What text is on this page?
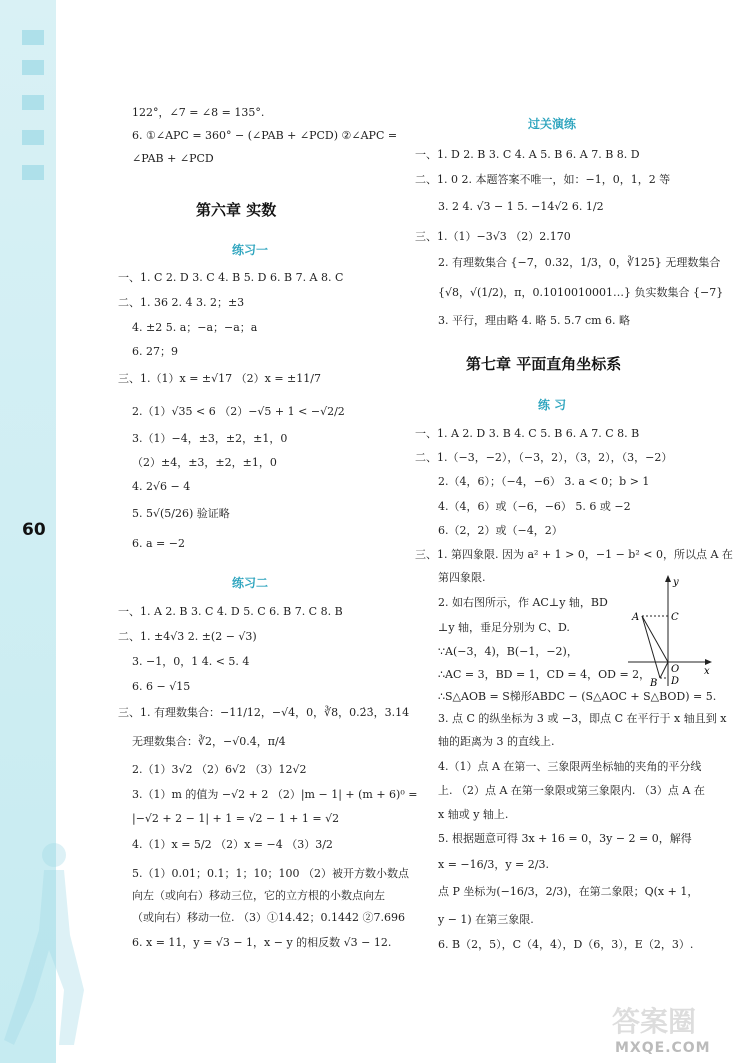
60
122°，∠7 = ∠8 = 135°.
6. ①∠APC = 360° − (∠PAB + ∠PCD) ②∠APC =
∠PAB + ∠PCD
第六章 实数
练习一
一、1. C 2. D 3. C 4. B 5. D 6. B 7. A 8. C
二、1. 36 2. 4 3. 2；±3
4. ±2 5. a；−a；−a；a
6. 27；9
三、1.（1）x = ±√17 （2）x = ±11/7
2.（1）√35 < 6 （2）−√5 + 1 < −√2/2
3.（1）−4，±3，±2，±1，0
（2）±4，±3，±2，±1，0
4. 2√6 − 4
5. 5√(5/26) 验证略
6. a = −2
练习二
一、1. A 2. B 3. C 4. D 5. C 6. B 7. C 8. B
二、1. ±4√3 2. ±(2 − √3)
3. −1，0，1 4. < 5. 4
6. 6 − √15
三、1. 有理数集合：−11/12，−√4，0，∛8，0.2̇3̇，3.14
无理数集合：∛2，−√0.4，π/4
2.（1）3√2 （2）6√2 （3）12√2
3.（1）m 的值为 −√2 + 2 （2）|m − 1| + (m + 6)⁰ =
|−√2 + 2 − 1| + 1 = √2 − 1 + 1 = √2
4.（1）x = 5/2 （2）x = −4 （3）3/2
5.（1）0.01；0.1；1；10；100 （2）被开方数小数点
向左（或向右）移动三位，它的立方根的小数点向左
（或向右）移动一位. （3）①14.42；0.1442 ②7.696
6. x = 11，y = √3 − 1，x − y 的相反数 √3 − 12.
过关演练
一、1. D 2. B 3. C 4. A 5. B 6. A 7. B 8. D
二、1. 0 2. 本题答案不唯一，如：−1，0，1，2 等
3. 2 4. √3 − 1 5. −14√2 6. 1/2
三、1.（1）−3√3 （2）2.170
2. 有理数集合 {−7，0.32，1/3，0，∛125} 无理数集合
{√8，√(1/2)，π，0.1010010001…} 负实数集合 {−7}
3. 平行，理由略 4. 略 5. 5.7 cm 6. 略
第七章 平面直角坐标系
练 习
一、1. A 2. D 3. B 4. C 5. B 6. A 7. C 8. B
二、1.（−3，−2），（−3，2），（3，2），（3，−2）
2.（4，6）；（−4，−6） 3. a < 0；b > 1
4.（4，6）或（−6，−6） 5. 6 或 −2
6.（2，2）或（−4，2）
三、1. 第四象限. 因为 a² + 1 > 0，−1 − b² < 0，所以点 A 在
第四象限.
2. 如右图所示，作 AC⊥y 轴，BD
⊥y 轴，垂足分别为 C、D.
∵A(−3，4)，B(−1，−2)，
∴AC = 3，BD = 1，CD = 4，OD = 2，
∴S△AOB = S梯形ABDC − (S△AOC + S△BOD) = 5.
3. 点 C 的纵坐标为 3 或 −3，即点 C 在平行于 x 轴且到 x
轴的距离为 3 的直线上.
4.（1）点 A 在第一、三象限两坐标轴的夹角的平分线
上. （2）点 A 在第一象限或第三象限内. （3）点 A 在
x 轴或 y 轴上.
5. 根据题意可得 3x + 16 = 0，3y − 2 = 0，解得
x = −16/3，y = 2/3.
点 P 坐标为(−16/3，2/3)，在第二象限；Q(x + 1，
y − 1) 在第三象限.
6. B（2，5），C（4，4），D（6，3），E（2，3）.
y
x
A	C
O
D
B
答案圈
MXQE.COM
